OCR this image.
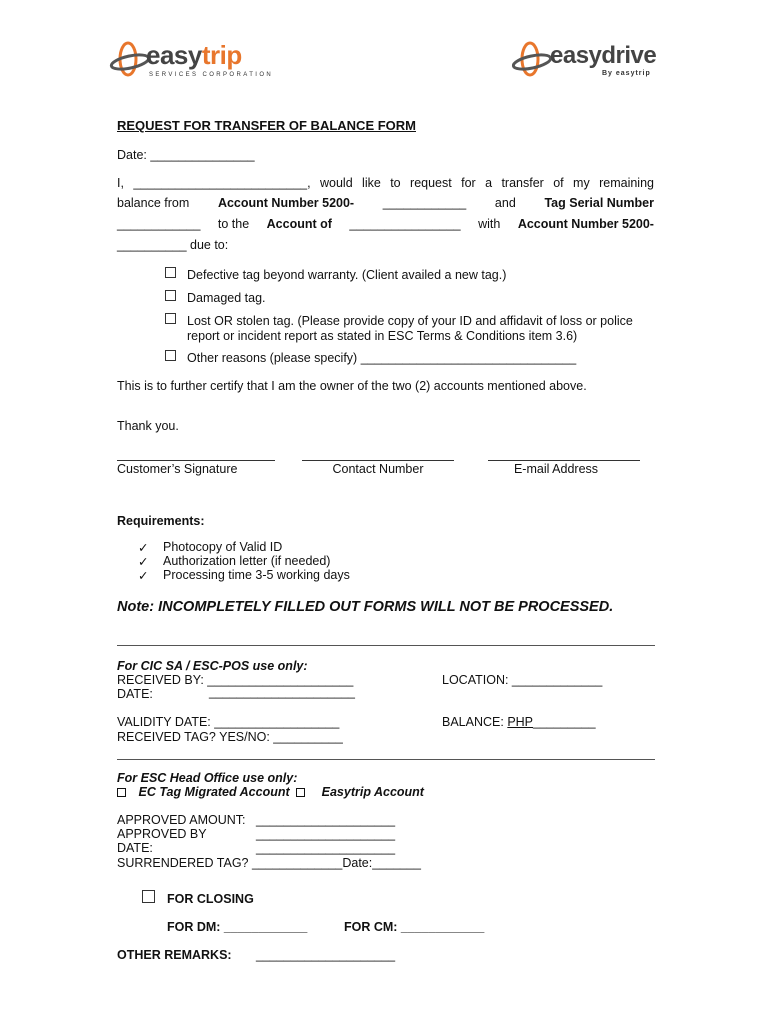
easytrip
SERVICES CORPORATION
easydrive
By easytrip
REQUEST FOR TRANSFER OF BALANCE FORM
Date: _______________
I, _________________________, would like to request for a transfer of my remaining
balance from Account Number 5200- ____________ and Tag Serial Number
____________ to the Account of ________________ with Account Number 5200-
__________ due to:
Defective tag beyond warranty. (Client availed a new tag.)
Damaged tag.
Lost OR stolen tag. (Please provide copy of your ID and affidavit of loss or police
report or incident report as stated in ESC Terms & Conditions item 3.6)
Other reasons (please specify) _______________________________
This is to further certify that I am the owner of the two (2) accounts mentioned above.
Thank you.
Customer’s Signature	Contact Number	E-mail Address
Requirements:
✓ Photocopy of Valid ID
✓ Authorization letter (if needed)
✓ Processing time 3-5 working days
Note: INCOMPLETELY FILLED OUT FORMS WILL NOT BE PROCESSED.
For CIC SA / ESC-POS use only:
RECEIVED BY: _____________________
DATE:	_____________________
LOCATION: _____________
VALIDITY DATE: __________________
RECEIVED TAG? YES/NO: __________
BALANCE: PHP_________
For ESC Head Office use only:
EC Tag Migrated Account	Easytrip Account
APPROVED AMOUNT: ____________________
APPROVED BY	____________________
DATE:	____________________
SURRENDERED TAG? _____________Date:_______
FOR CLOSING
FOR DM: ____________	FOR CM: ____________
OTHER REMARKS: ____________________
